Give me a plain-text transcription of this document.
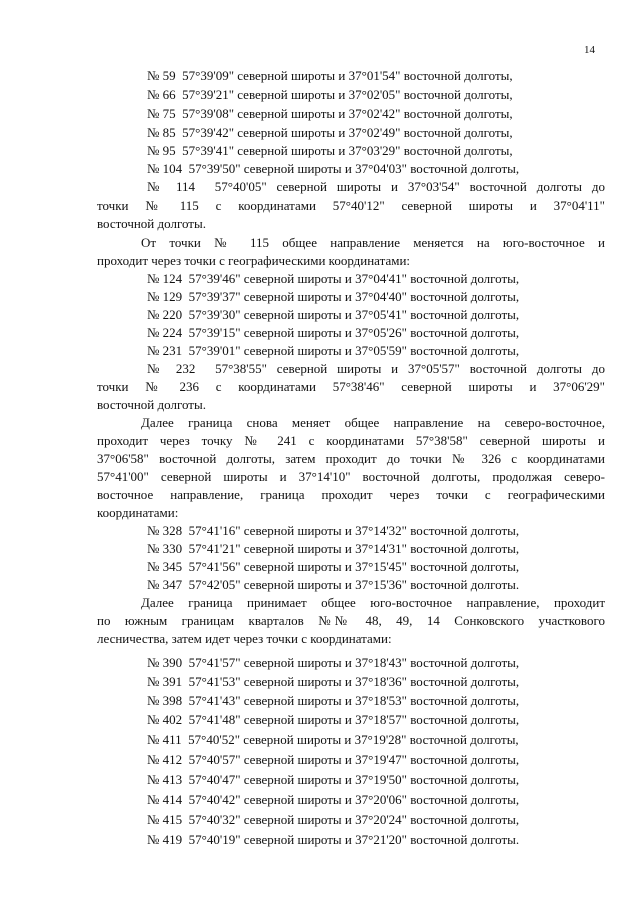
14
№ 59  57°39'09" северной широты и 37°01'54" восточной долготы,
№ 66  57°39'21" северной широты и 37°02'05" восточной долготы,
№ 75  57°39'08" северной широты и 37°02'42" восточной долготы,
№ 85  57°39'42" северной широты и 37°02'49" восточной долготы,
№ 95  57°39'41" северной широты и 37°03'29" восточной долготы,
№ 104  57°39'50" северной широты и 37°04'03" восточной долготы,
№ 114  57°40'05" северной широты и 37°03'54" восточной долготы до
точки  №  115  с  координатами  57°40'12"  северной  широты  и  37°04'11"
восточной долготы.
От точки № 115 общее направление меняется на юго-восточное и
проходит через точки с географическими координатами:
№ 124  57°39'46" северной широты и 37°04'41" восточной долготы,
№ 129  57°39'37" северной широты и 37°04'40" восточной долготы,
№ 220  57°39'30" северной широты и 37°05'41" восточной долготы,
№ 224  57°39'15" северной широты и 37°05'26" восточной долготы,
№ 231  57°39'01" северной широты и 37°05'59" восточной долготы,
№ 232  57°38'55" северной широты и 37°05'57" восточной долготы до
точки  №  236  с  координатами  57°38'46"  северной  широты  и  37°06'29"
восточной долготы.
Далее граница снова меняет общее направление на северо-восточное,
проходит через точку № 241 с координатами 57°38'58" северной широты и
37°06'58" восточной долготы, затем проходит до точки № 326 с координатами
57°41'00" северной широты и 37°14'10" восточной долготы, продолжая северо-
восточное направление, граница проходит через точки с географическими
координатами:
№ 328  57°41'16" северной широты и 37°14'32" восточной долготы,
№ 330  57°41'21" северной широты и 37°14'31" восточной долготы,
№ 345  57°41'56" северной широты и 37°15'45" восточной долготы,
№ 347  57°42'05" северной широты и 37°15'36" восточной долготы.
Далее граница принимает общее юго-восточное направление, проходит
по  южным  границам  кварталов  №№  48,  49,  14  Сонковского  участкового
лесничества, затем идет через точки с координатами:
№ 390  57°41'57" северной широты и 37°18'43" восточной долготы,
№ 391  57°41'53" северной широты и 37°18'36" восточной долготы,
№ 398  57°41'43" северной широты и 37°18'53" восточной долготы,
№ 402  57°41'48" северной широты и 37°18'57" восточной долготы,
№ 411  57°40'52" северной широты и 37°19'28" восточной долготы,
№ 412  57°40'57" северной широты и 37°19'47" восточной долготы,
№ 413  57°40'47" северной широты и 37°19'50" восточной долготы,
№ 414  57°40'42" северной широты и 37°20'06" восточной долготы,
№ 415  57°40'32" северной широты и 37°20'24" восточной долготы,
№ 419  57°40'19" северной широты и 37°21'20" восточной долготы.
